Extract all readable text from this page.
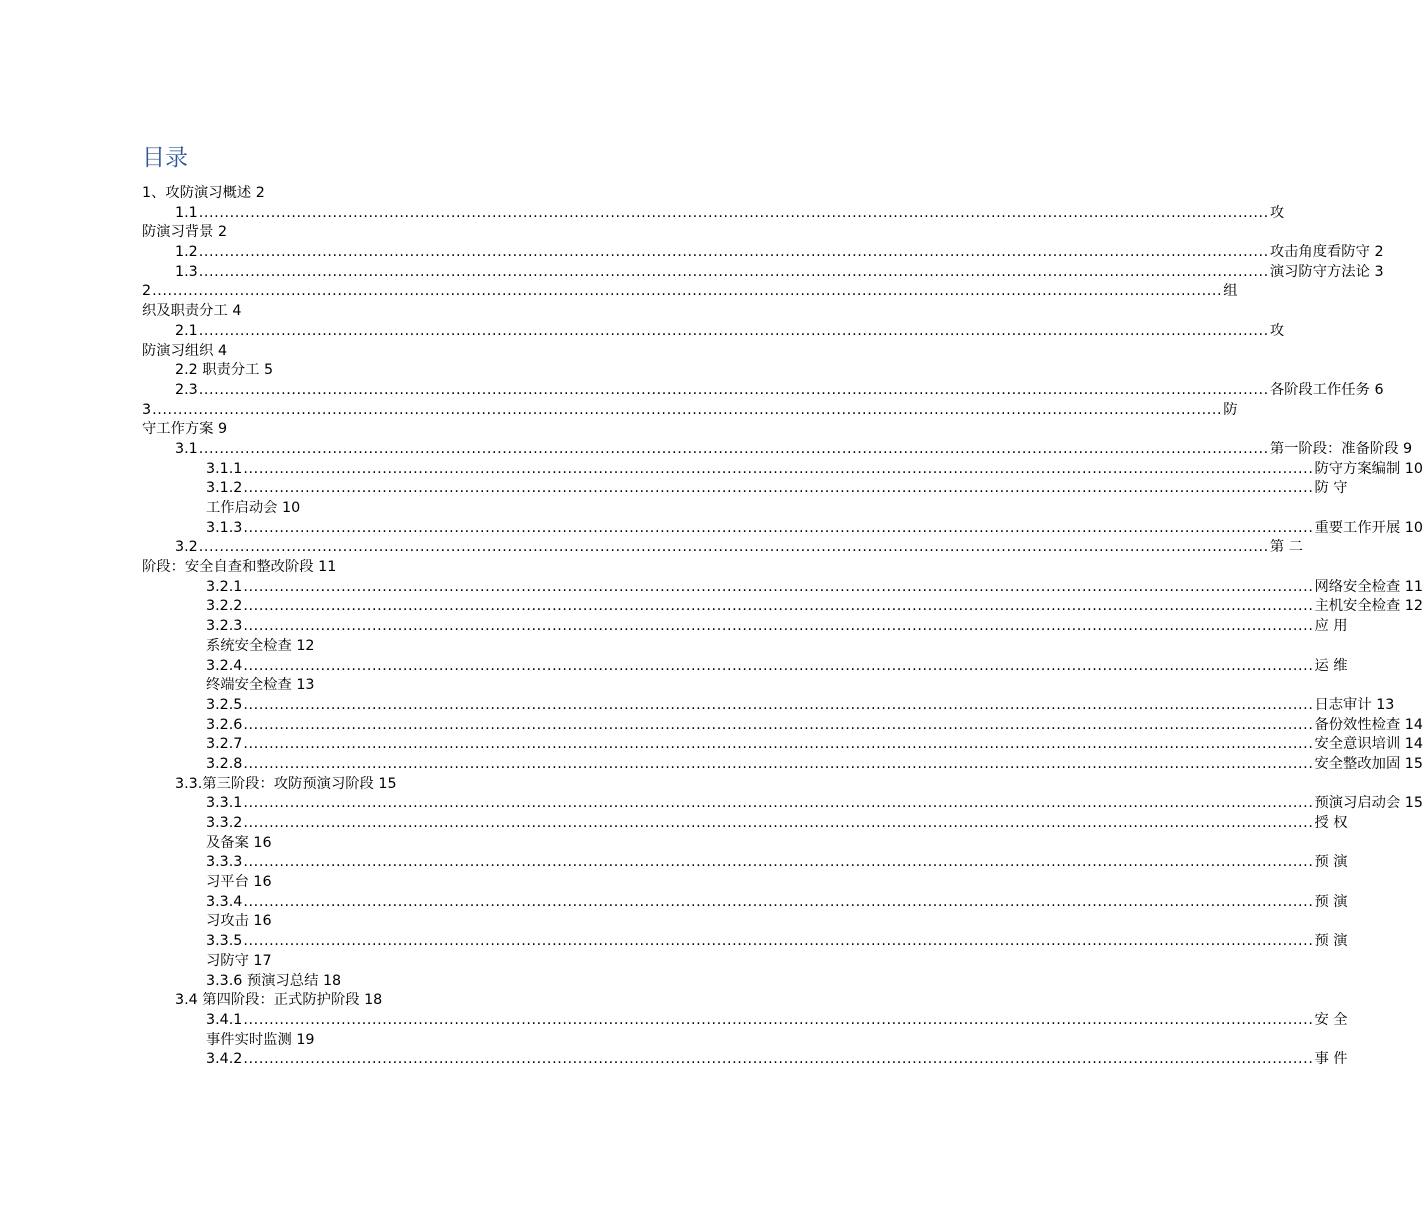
目录
1、攻防演习概述 2
1.1 ................................................................................................................................................................................................................ 攻
防演习背景 2
1.2 ................................................................................................................................................................................................................ 攻击角度看防守 2
1.3 ................................................................................................................................................................................................................ 演习防守方法论 3
2 ................................................................................................................................................................................................................ 组
织及职责分工 4
2.1 ................................................................................................................................................................................................................ 攻
防演习组织 4
2.2 职责分工 5
2.3 ................................................................................................................................................................................................................ 各阶段工作任务 6
3 ................................................................................................................................................................................................................ 防
守工作方案 9
3.1 ................................................................................................................................................................................................................ 第一阶段：准备阶段 9
3.1.1 ................................................................................................................................................................................................................ 防守方案编制 10
3.1.2 ................................................................................................................................................................................................................ 防 守
工作启动会 10
3.1.3 ................................................................................................................................................................................................................ 重要工作开展 10
3.2 ................................................................................................................................................................................................................ 第 二
阶段：安全自查和整改阶段 11
3.2.1 ................................................................................................................................................................................................................ 网络安全检查 11
3.2.2 ................................................................................................................................................................................................................ 主机安全检查 12
3.2.3 ................................................................................................................................................................................................................ 应 用
系统安全检查 12
3.2.4 ................................................................................................................................................................................................................ 运 维
终端安全检查 13
3.2.5 ................................................................................................................................................................................................................ 日志审计 13
3.2.6 ................................................................................................................................................................................................................ 备份效性检查 14
3.2.7 ................................................................................................................................................................................................................ 安全意识培训 14
3.2.8 ................................................................................................................................................................................................................ 安全整改加固 15
3.3.第三阶段：攻防预演习阶段 15
3.3.1 ................................................................................................................................................................................................................ 预演习启动会 15
3.3.2 ................................................................................................................................................................................................................ 授 权
及备案 16
3.3.3 ................................................................................................................................................................................................................ 预 演
习平台 16
3.3.4 ................................................................................................................................................................................................................ 预 演
习攻击 16
3.3.5 ................................................................................................................................................................................................................ 预 演
习防守 17
3.3.6 预演习总结 18
3.4 第四阶段：正式防护阶段 18
3.4.1 ................................................................................................................................................................................................................ 安 全
事件实时监测 19
3.4.2 ................................................................................................................................................................................................................ 事 件
